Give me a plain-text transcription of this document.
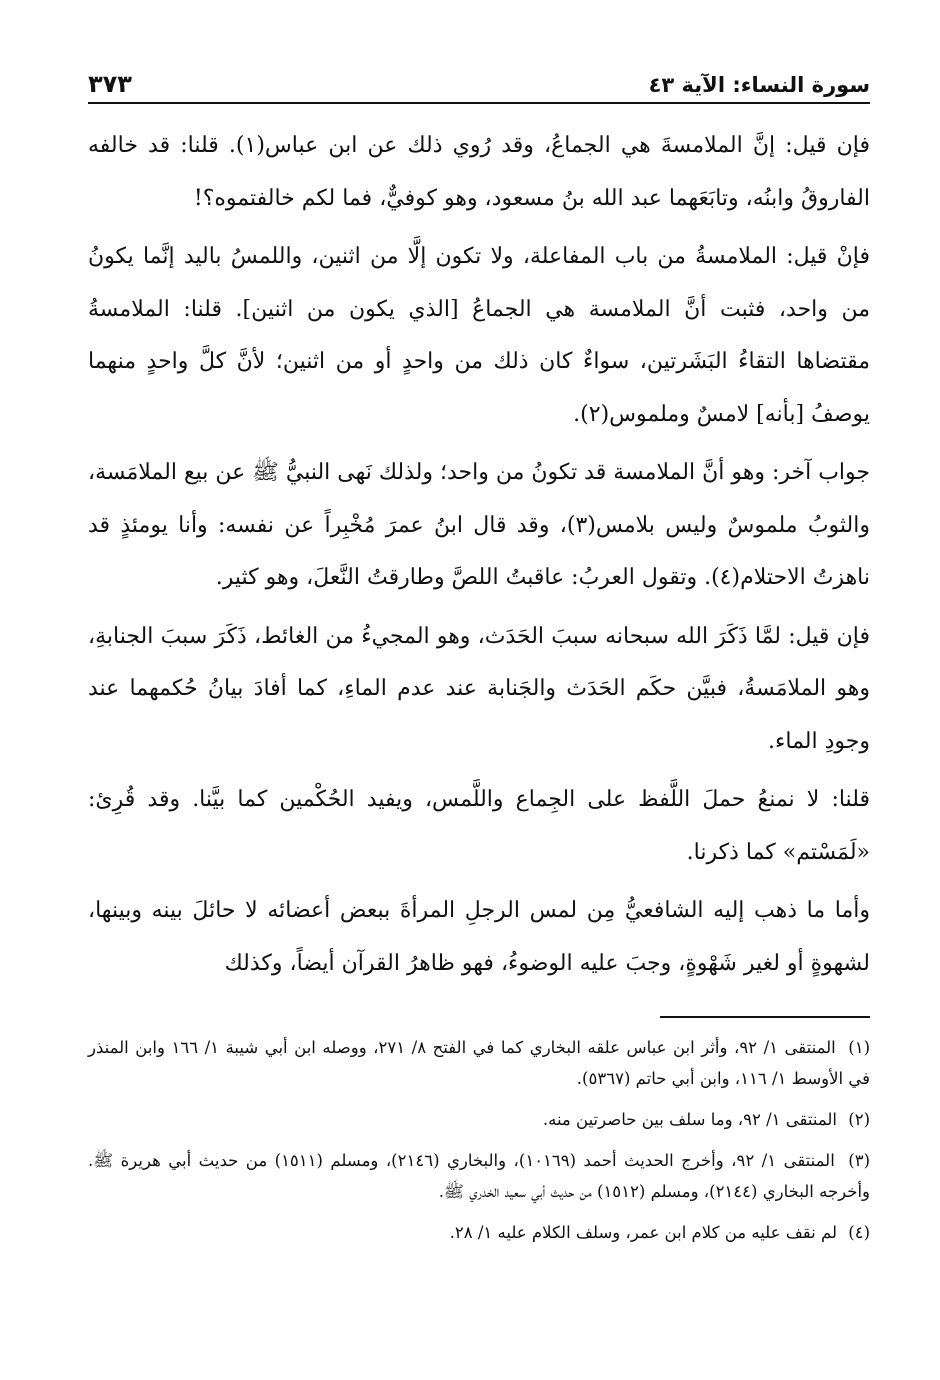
سورة النساء: الآية ٤٣
٣٧٣

فإن قيل: إنَّ الملامسةَ هي الجماعُ، وقد رُوي ذلك عن ابن عباس(١). قلنا: قد خالفه الفاروقُ وابنُه، وتابَعَهما عبد الله بنُ مسعود، وهو كوفيٌّ، فما لكم خالفتموه؟!

فإنْ قيل: الملامسةُ من باب المفاعلة، ولا تكون إلَّا من اثنين، واللمسُ باليد إنَّما يكونُ من واحد، فثبت أنَّ الملامسة هي الجماعُ [الذي يكون من اثنين]. قلنا: الملامسةُ مقتضاها التقاءُ البَشَرتين، سواءٌ كان ذلك من واحدٍ أو من اثنين؛ لأنَّ كلَّ واحدٍ منهما يوصفُ [بأنه] لامسٌ وملموس(٢).

جواب آخر: وهو أنَّ الملامسة قد تكونُ من واحد؛ ولذلك نَهى النبيُّ ﷺ عن بيع الملامَسة، والثوبُ ملموسٌ وليس بلامس(٣)، وقد قال ابنُ عمرَ مُخْبِراً عن نفسه: وأنا يومئذٍ قد ناهزتُ الاحتلام(٤). وتقول العربُ: عاقبتُ اللصَّ وطارقتُ النَّعلَ، وهو كثير.

فإن قيل: لمَّا ذَكَرَ الله سبحانه سببَ الحَدَث، وهو المجيءُ من الغائط، ذَكَرَ سببَ الجنابةِ، وهو الملامَسةُ، فبيَّن حكَم الحَدَث والجَنابة عند عدم الماءِ، كما أفادَ بيانُ حُكمهما عند وجودِ الماء.

قلنا: لا نمنعُ حملَ اللَّفظ على الجِماع واللَّمس، ويفيد الحُكْمين كما بيَّنا. وقد قُرِئ: «لَمَسْتم» كما ذكرنا.

وأما ما ذهب إليه الشافعيُّ مِن لمس الرجلِ المرأةَ ببعض أعضائه لا حائلَ بينه وبينها، لشهوةٍ أو لغير شَهْوةٍ، وجبَ عليه الوضوءُ، فهو ظاهرُ القرآن أيضاً، وكذلك

(١) المنتقى ١/ ٩٢، وأثر ابن عباس علقه البخاري كما في الفتح ٨/ ٢٧١، ووصله ابن أبي شيبة ١/ ١٦٦ وابن المنذر في الأوسط ١/ ١١٦، وابن أبي حاتم (٥٣٦٧).

(٢) المنتقى ١/ ٩٢، وما سلف بين حاصرتين منه.

(٣) المنتقى ١/ ٩٢، وأخرج الحديث أحمد (١٠١٦٩)، والبخاري (٢١٤٦)، ومسلم (١٥١١) من حديث أبي هريرة ﷺ. وأخرجه البخاري (٢١٤٤)، ومسلم (١٥١٢) من حديث أبي سعيد الخدري ﷺ.

(٤) لم نقف عليه من كلام ابن عمر، وسلف الكلام عليه ١/ ٢٨.
